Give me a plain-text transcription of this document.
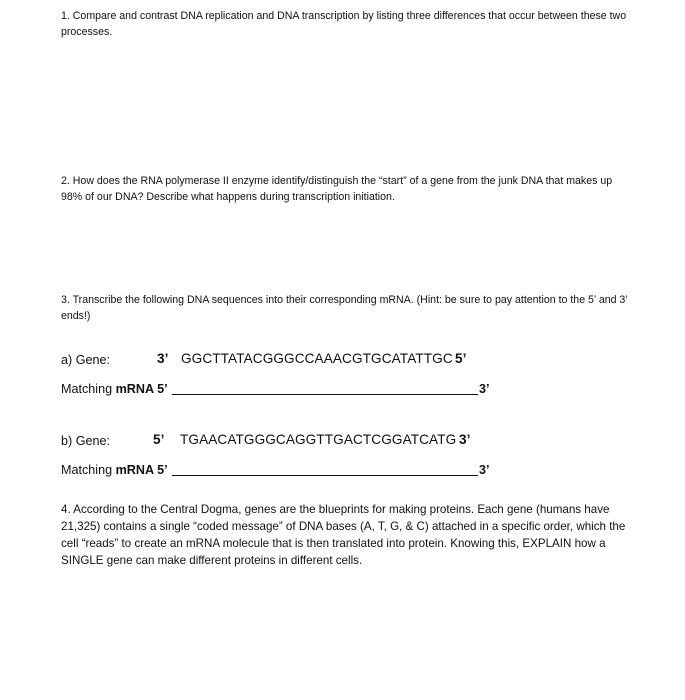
1. Compare and contrast DNA replication and DNA transcription by listing three differences that occur between these two processes.
2. How does the RNA polymerase II enzyme identify/distinguish the “start” of a gene from the junk DNA that makes up 98% of our DNA? Describe what happens during transcription initiation.
3. Transcribe the following DNA sequences into their corresponding mRNA. (Hint: be sure to pay attention to the 5’ and 3’ ends!)
a) Gene:	3’ GGCTTATACGGGCCAAACGTGCATATTGC 5’
Matching mRNA 5’	3’
b) Gene:	5’ TGAACATGGGCAGGTTGACTCGGATCATG 3’
Matching mRNA 5’	3’
4. According to the Central Dogma, genes are the blueprints for making proteins. Each gene (humans have 21,325) contains a single “coded message” of DNA bases (A, T, G, & C) attached in a specific order, which the cell “reads” to create an mRNA molecule that is then translated into protein. Knowing this, EXPLAIN how a SINGLE gene can make different proteins in different cells.
